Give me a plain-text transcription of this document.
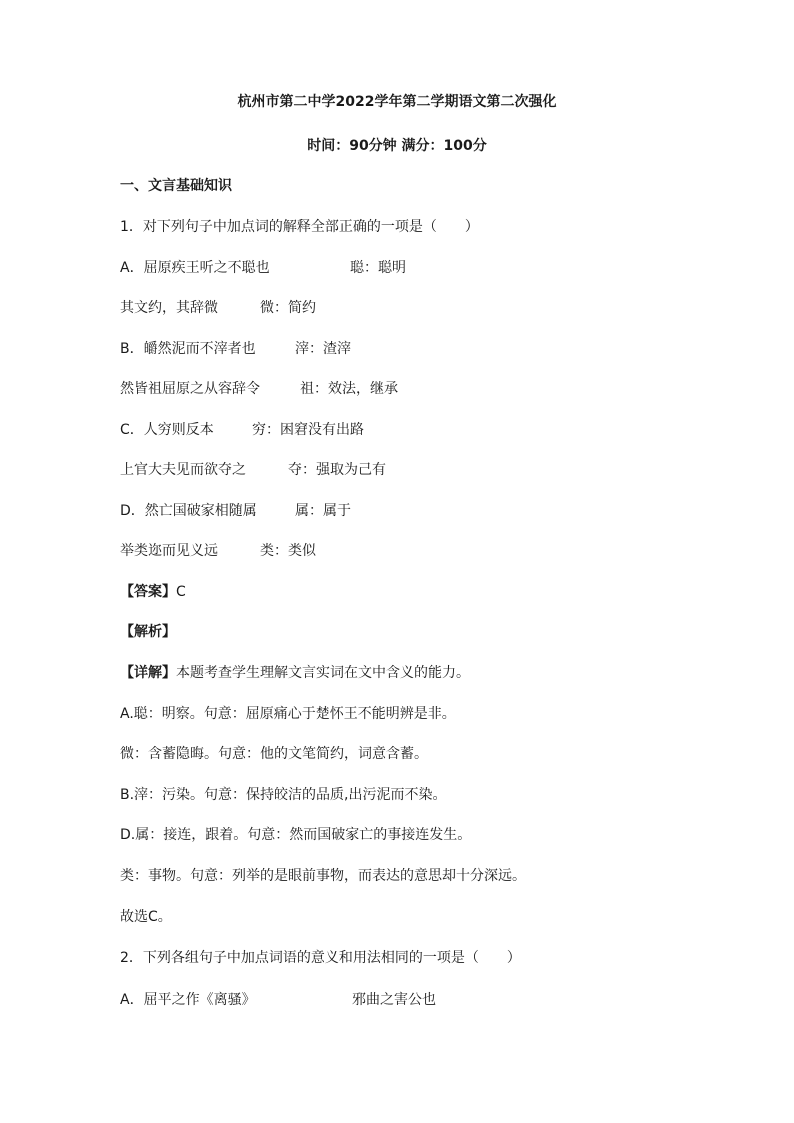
杭州市第二中学2022学年第二学期语文第二次强化
时间：90分钟 满分：100分
一、文言基础知识
1．对下列句子中加点词的解释全部正确的一项是（　　）
A．屈原疾王听之不聪也	聪：聪明
其文约，其辞微	微：简约
B．皭然泥而不滓者也	滓：渣滓
然皆祖屈原之从容辞令	祖：效法，继承
C．人穷则反本	穷：困窘没有出路
上官大夫见而欲夺之	夺：强取为己有
D．然亡国破家相随属	属：属于
举类迩而见义远	类：类似
【答案】C
【解析】
【详解】本题考查学生理解文言实词在文中含义的能力。
A.聪：明察。句意：屈原痛心于楚怀王不能明辨是非。
微：含蓄隐晦。句意：他的文笔简约，词意含蓄。
B.滓：污染。句意：保持皎洁的品质,出污泥而不染。
D.属：接连，跟着。句意：然而国破家亡的事接连发生。
类：事物。句意：列举的是眼前事物，而表达的意思却十分深远。
故选C。
2．下列各组句子中加点词语的意义和用法相同的一项是（　　）
A．屈平之作《离骚》	邪曲之害公也
